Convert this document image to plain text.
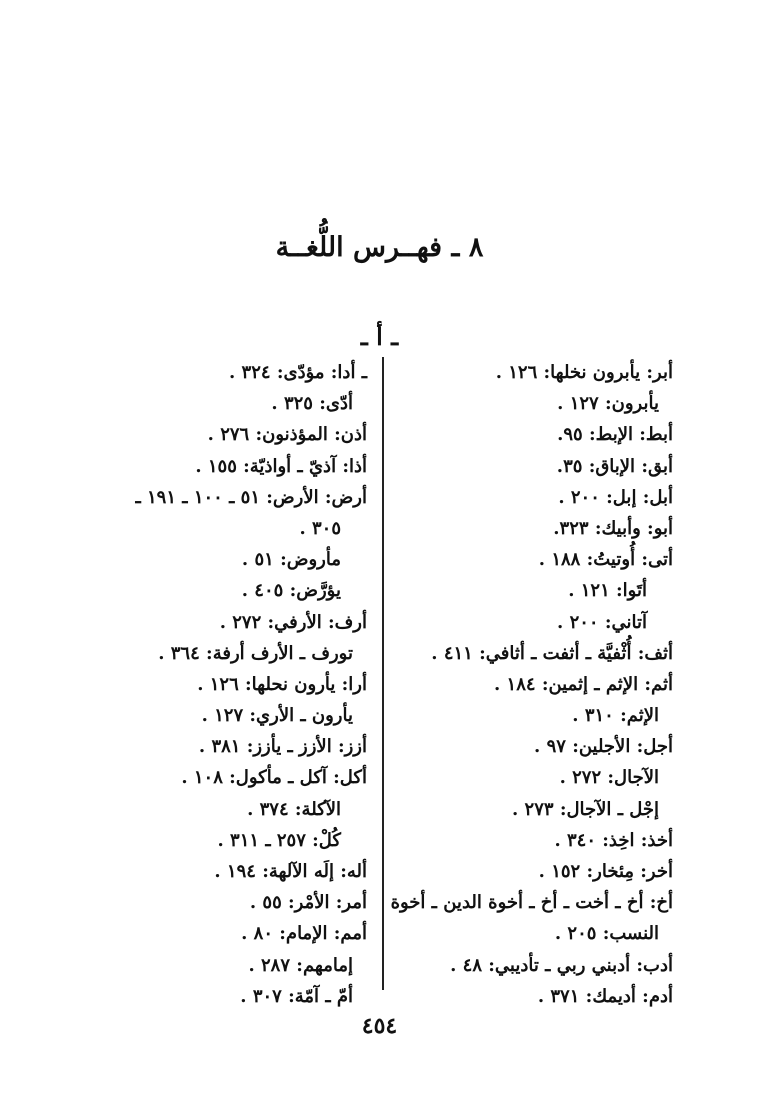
٨ ـ فهــرس اللُّغــة
ـ أ ـ
أبر: يأبرون نخلها: ١٢٦ .
يأبرون: ١٢٧ .
أبط: الإبط: ٩٥.
أبق: الإباق: ٣٥.
أبل: إبل: ٢٠٠ .
أبو: وأبيك: ٣٢٣.
أتى: أُوتيتُ: ١٨٨ .
أتَوا: ١٢١ .
آتاني: ٢٠٠ .
أثف: أُثْفيَّة ـ أثفت ـ أثافي: ٤١١ .
أثم: الإثم ـ إثمين: ١٨٤ .
الإثم: ٣١٠ .
أجل: الأجلين: ٩٧ .
الآجال: ٢٧٢ .
إجْل ـ الآجال: ٢٧٣ .
أخذ: اخِذ: ٣٤٠ .
أخر: مِئخار: ١٥٢ .
أخ: أخ ـ أخت ـ أخ ـ أخوة الدين ـ أخوة
النسب: ٢٠٥ .
أدب: أدبني ربي ـ تأديبي: ٤٨ .
أدم: أديمك: ٣٧١ .
ـ أدا: مؤدّى: ٣٢٤ .
أدّى: ٣٢٥ .
أذن: المؤذنون: ٢٧٦ .
أذا: آذيّ ـ أواذيّة: ١٥٥ .
أرض: الأرض: ٥١ ـ ١٠٠ ـ ١٩١ ـ
٣٠٥ .
مأروض: ٥١ .
يؤرَّض: ٤٠٥ .
أرف: الأرفي: ٢٧٢ .
تورف ـ الأرف أرفة: ٣٦٤ .
أرا: يأرون نحلها: ١٢٦ .
يأرون ـ الأري: ١٢٧ .
أزز: الأزز ـ يأزز: ٣٨١ .
أكل: آكل ـ مأكول: ١٠٨ .
الآكلة: ٣٧٤ .
كُلْ: ٢٥٧ ـ ٣١١ .
أله: إلَه الآلهة: ١٩٤ .
أمر: الأمْر: ٥٥ .
أمم: الإمام: ٨٠ .
إمامهم: ٢٨٧ .
أمّ ـ آمّة: ٣٠٧ .
٤٥٤
